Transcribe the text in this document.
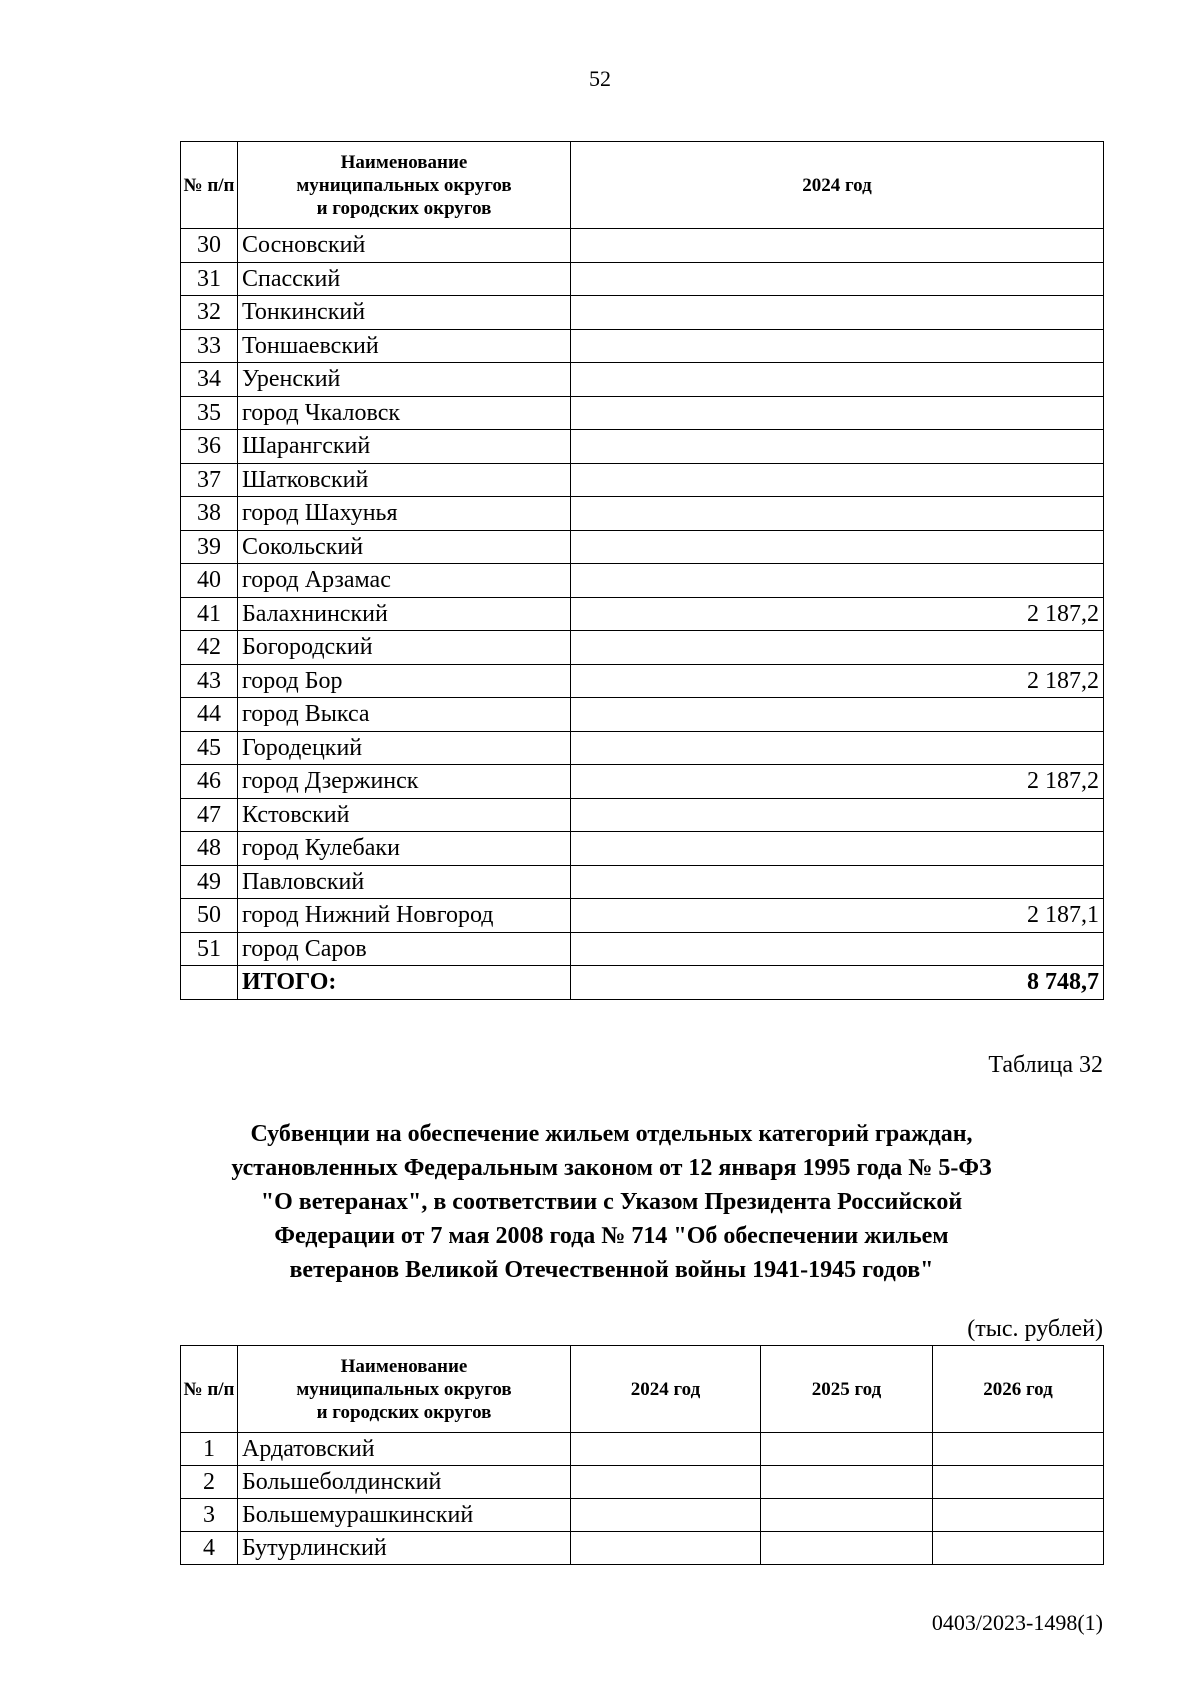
52
№ п/п	Наименование
муниципальных округов
и городских округов	2024 год
30	Сосновский	
31	Спасский	
32	Тонкинский	
33	Тоншаевский	
34	Уренский	
35	город Чкаловск	
36	Шарангский	
37	Шатковский	
38	город Шахунья	
39	Сокольский	
40	город Арзамас	
41	Балахнинский	2 187,2
42	Богородский	
43	город Бор	2 187,2
44	город Выкса	
45	Городецкий	
46	город Дзержинск	2 187,2
47	Кстовский	
48	город Кулебаки	
49	Павловский	
50	город Нижний Новгород	2 187,1
51	город Саров	
	ИТОГО:	8 748,7
Таблица 32
Субвенции на обеспечение жильем отдельных категорий граждан,
установленных Федеральным законом от 12 января 1995 года № 5-ФЗ
"О ветеранах", в соответствии с Указом Президента Российской
Федерации от 7 мая 2008 года № 714 "Об обеспечении жильем
ветеранов Великой Отечественной войны 1941-1945 годов"
(тыс. рублей)
№ п/п	Наименование
муниципальных округов
и городских округов	2024 год	2025 год	2026 год
1	Ардатовский			
2	Большеболдинский			
3	Большемурашкинский			
4	Бутурлинский			
0403/2023-1498(1)
